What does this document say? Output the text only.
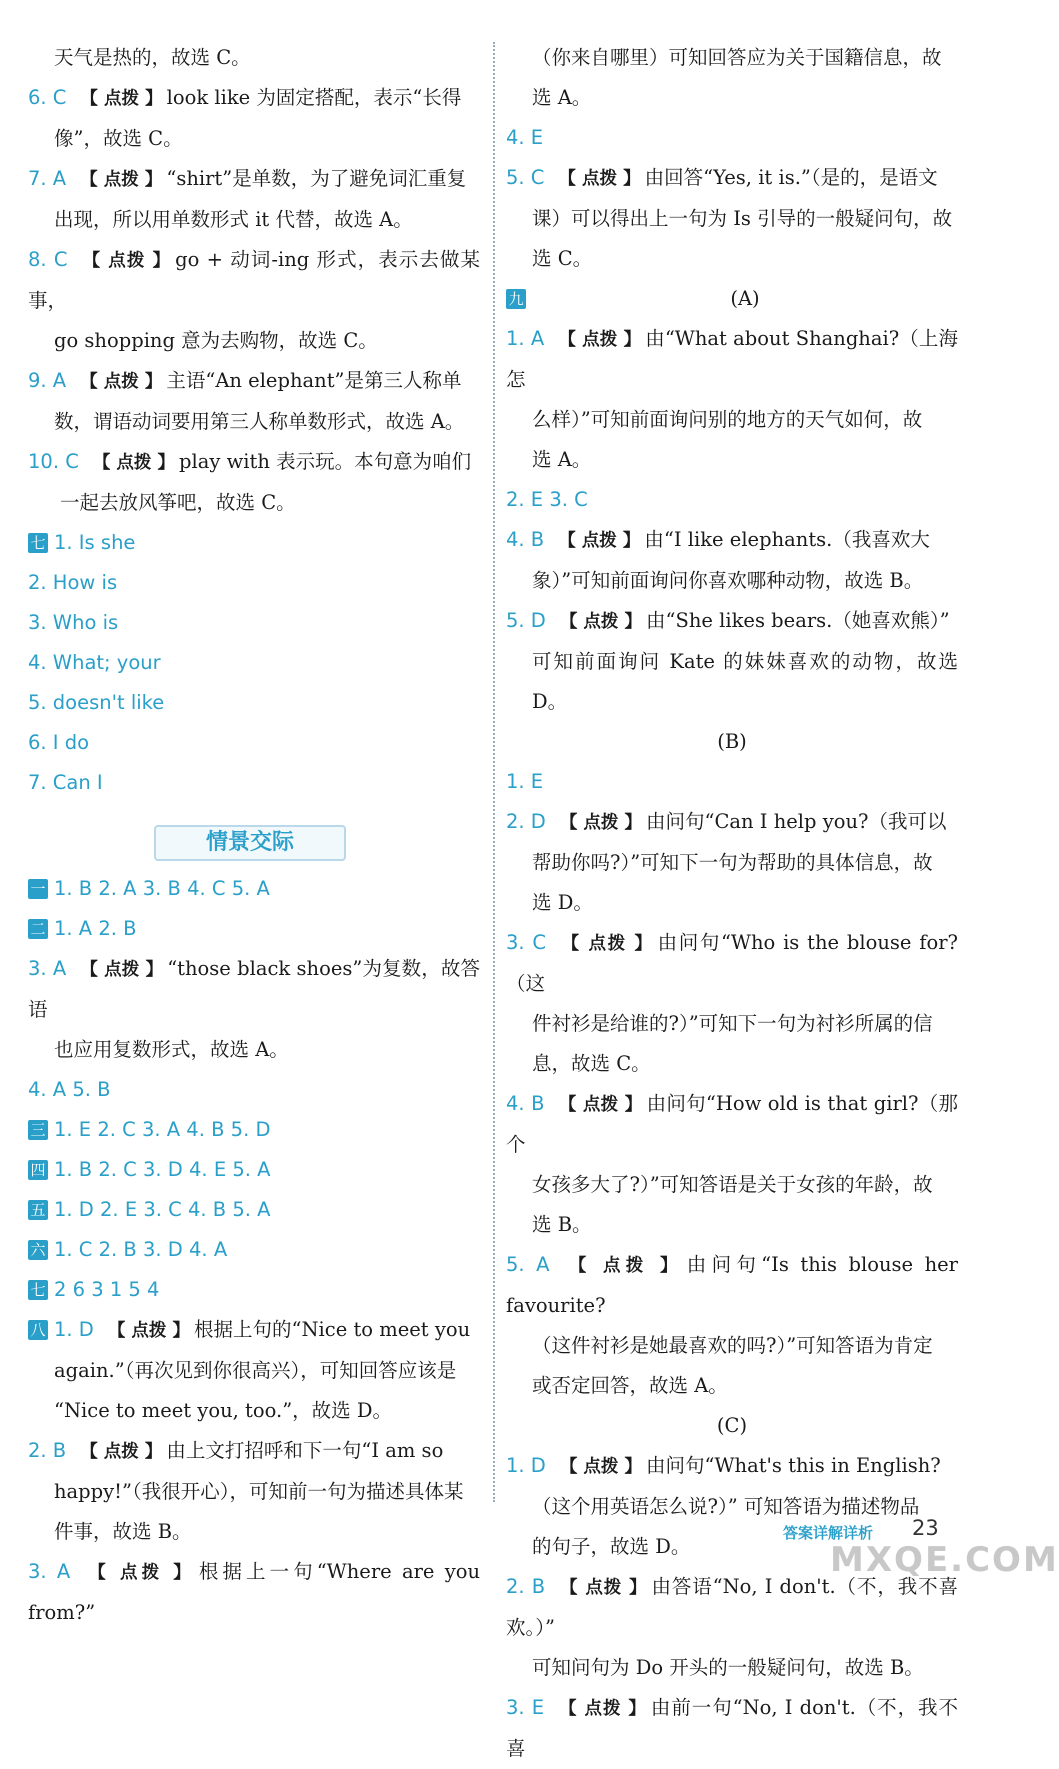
天气是热的，故选 C。
6. C 【 点拨 】 look like 为固定搭配，表示“长得
像”，故选 C。
7. A 【 点拨 】 “shirt”是单数，为了避免词汇重复
出现，所以用单数形式 it 代替，故选 A。
8. C 【 点拨 】 go + 动词-ing 形式，表示去做某事，
go shopping 意为去购物，故选 C。
9. A 【 点拨 】 主语“An elephant”是第三人称单
数，谓语动词要用第三人称单数形式，故选 A。
10. C 【 点拨 】 play with 表示玩。本句意为咱们
一起去放风筝吧，故选 C。
七 1. Is she
2. How is
3. Who is
4. What; your
5. doesn't like
6. I do
7. Can I
情景交际
一 1. B 2. A 3. B 4. C 5. A
二 1. A 2. B
3. A 【 点拨 】 “those black shoes”为复数，故答语
也应用复数形式，故选 A。
4. A 5. B
三 1. E 2. C 3. A 4. B 5. D
四 1. B 2. C 3. D 4. E 5. A
五 1. D 2. E 3. C 4. B 5. A
六 1. C 2. B 3. D 4. A
七 2 6 3 1 5 4
八 1. D 【 点拨 】 根据上句的“Nice to meet you
again.”（再次见到你很高兴），可知回答应该是
“Nice to meet you, too.”，故选 D。
2. B 【 点拨 】 由上文打招呼和下一句“I am so
happy!”（我很开心），可知前一句为描述具体某
件事，故选 B。
3. A 【 点拨 】 根据上一句“Where are you from?”
（你来自哪里）可知回答应为关于国籍信息，故
选 A。
4. E
5. C 【 点拨 】 由回答“Yes, it is.”（是的，是语文
课）可以得出上一句为 Is 引导的一般疑问句，故
选 C。
九	(A)
1. A 【 点拨 】 由“What about Shanghai?（上海怎
么样）”可知前面询问别的地方的天气如何，故
选 A。
2. E 3. C
4. B 【 点拨 】 由“I like elephants.（我喜欢大
象）”可知前面询问你喜欢哪种动物，故选 B。
5. D 【 点拨 】 由“She likes bears.（她喜欢熊）”
可知前面询问 Kate 的妹妹喜欢的动物，故选 D。
(B)
1. E
2. D 【 点拨 】 由问句“Can I help you?（我可以
帮助你吗?）”可知下一句为帮助的具体信息，故
选 D。
3. C 【 点拨 】 由问句“Who is the blouse for?（这
件衬衫是给谁的?）”可知下一句为衬衫所属的信
息，故选 C。
4. B 【 点拨 】 由问句“How old is that girl?（那个
女孩多大了?）”可知答语是关于女孩的年龄，故
选 B。
5. A 【 点拨 】 由问句“Is this blouse her favourite?
（这件衬衫是她最喜欢的吗?）”可知答语为肯定
或否定回答，故选 A。
(C)
1. D 【 点拨 】 由问句“What's this in English?
（这个用英语怎么说?）” 可知答语为描述物品
的句子，故选 D。
2. B 【 点拨 】 由答语“No, I don't.（不，我不喜欢。）”
可知问句为 Do 开头的一般疑问句，故选 B。
3. E 【 点拨 】 由前一句“No, I don't.（不，我不喜
答案详解详析 23
MXQE.COM
